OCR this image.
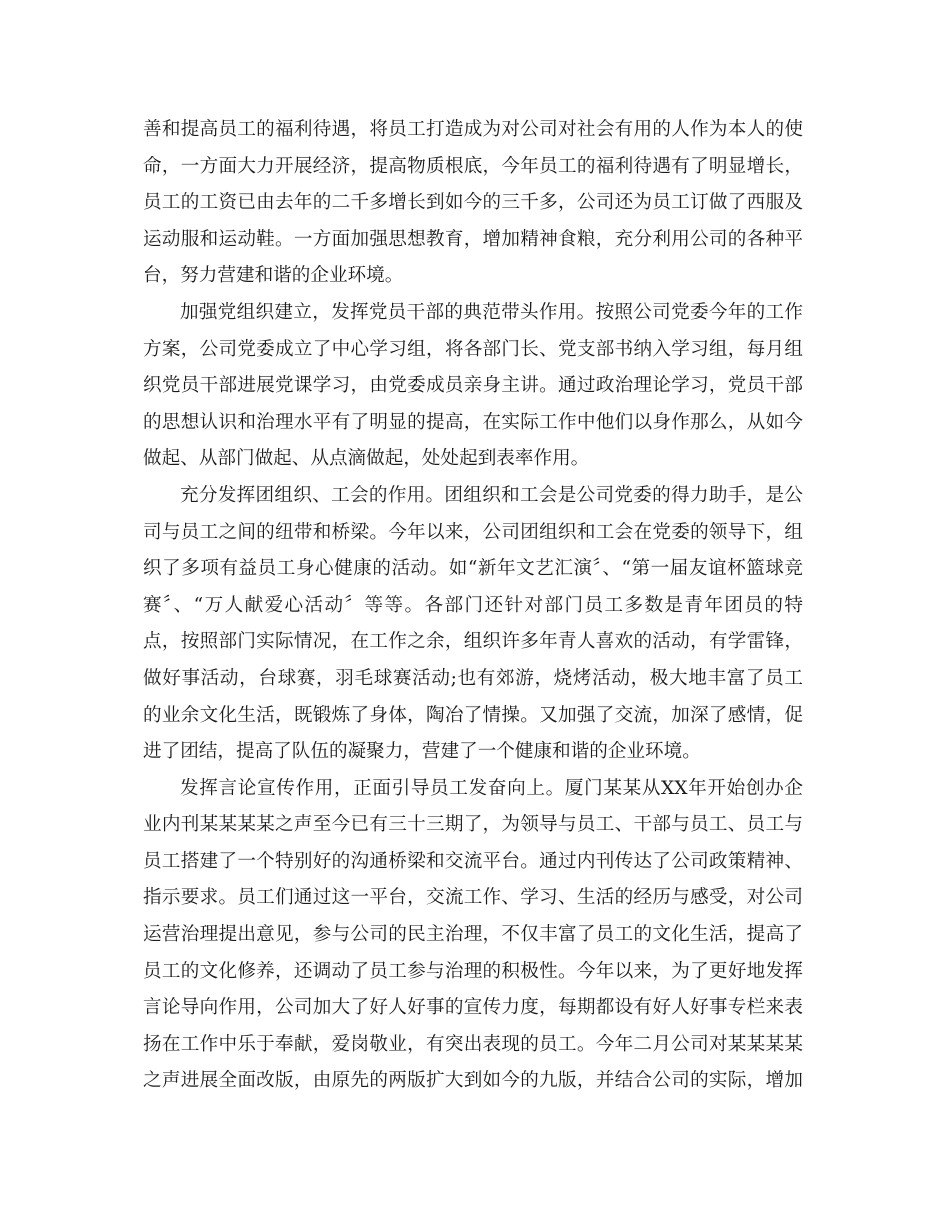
善和提高员工的福利待遇，将员工打造成为对公司对社会有用的人作为本人的使
命，一方面大力开展经济，提高物质根底，今年员工的福利待遇有了明显增长，
员工的工资已由去年的二千多增长到如今的三千多，公司还为员工订做了西服及
运动服和运动鞋。一方面加强思想教育，增加精神食粮，充分利用公司的各种平
台，努力营建和谐的企业环境。
加强党组织建立，发挥党员干部的典范带头作用。按照公司党委今年的工作
方案，公司党委成立了中心学习组，将各部门长、党支部书纳入学习组，每月组
织党员干部进展党课学习，由党委成员亲身主讲。通过政治理论学习，党员干部
的思想认识和治理水平有了明显的提高，在实际工作中他们以身作那么，从如今
做起、从部门做起、从点滴做起，处处起到表率作用。
充分发挥团组织、工会的作用。团组织和工会是公司党委的得力助手，是公
司与员工之间的纽带和桥梁。今年以来，公司团组织和工会在党委的领导下，组
织了多项有益员工身心健康的活动。如“新年文艺汇演〞、“第一届友谊杯篮球竞
赛〞、“万人献爱心活动〞等等。各部门还针对部门员工多数是青年团员的特
点，按照部门实际情况，在工作之余，组织许多年青人喜欢的活动，有学雷锋，
做好事活动，台球赛，羽毛球赛活动;也有郊游，烧烤活动，极大地丰富了员工
的业余文化生活，既锻炼了身体，陶冶了情操。又加强了交流，加深了感情，促
进了团结，提高了队伍的凝聚力，营建了一个健康和谐的企业环境。
发挥言论宣传作用，正面引导员工发奋向上。厦门某某从XX年开始创办企
业内刊某某某某之声至今已有三十三期了，为领导与员工、干部与员工、员工与
员工搭建了一个特别好的沟通桥梁和交流平台。通过内刊传达了公司政策精神、
指示要求。员工们通过这一平台，交流工作、学习、生活的经历与感受，对公司
运营治理提出意见，参与公司的民主治理，不仅丰富了员工的文化生活，提高了
员工的文化修养，还调动了员工参与治理的积极性。今年以来，为了更好地发挥
言论导向作用，公司加大了好人好事的宣传力度，每期都设有好人好事专栏来表
扬在工作中乐于奉献，爱岗敬业，有突出表现的员工。今年二月公司对某某某某
之声进展全面改版，由原先的两版扩大到如今的九版，并结合公司的实际，增加
